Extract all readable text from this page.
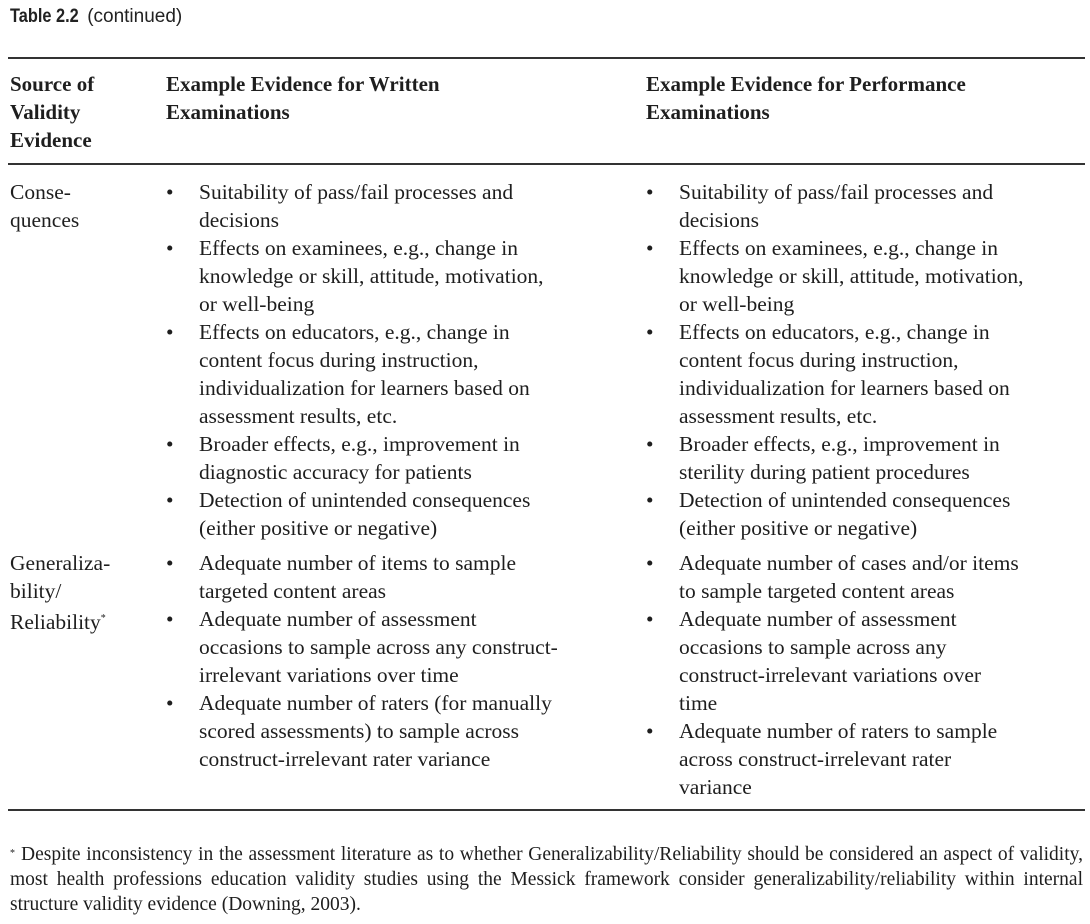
Table 2.2 (continued)
Source of
Validity
Evidence
Example Evidence for Written
Examinations
Example Evidence for Performance
Examinations
Conse-
quences
• Suitability of pass/fail processes and
decisions
• Effects on examinees, e.g., change in
knowledge or skill, attitude, motivation,
or well-being
• Effects on educators, e.g., change in
content focus during instruction,
individualization for learners based on
assessment results, etc.
• Broader effects, e.g., improvement in
diagnostic accuracy for patients
• Detection of unintended consequences
(either positive or negative)
• Suitability of pass/fail processes and
decisions
• Effects on examinees, e.g., change in
knowledge or skill, attitude, motivation,
or well-being
• Effects on educators, e.g., change in
content focus during instruction,
individualization for learners based on
assessment results, etc.
• Broader effects, e.g., improvement in
sterility during patient procedures
• Detection of unintended consequences
(either positive or negative)
Generaliza-
bility/
Reliability*
• Adequate number of items to sample
targeted content areas
• Adequate number of assessment
occasions to sample across any construct-
irrelevant variations over time
• Adequate number of raters (for manually
scored assessments) to sample across
construct-irrelevant rater variance
• Adequate number of cases and/or items
to sample targeted content areas
• Adequate number of assessment
occasions to sample across any
construct-irrelevant variations over
time
• Adequate number of raters to sample
across construct-irrelevant rater
variance
* Despite inconsistency in the assessment literature as to whether Generalizability/Reliability should be considered an aspect of validity, most health professions education validity studies using the Messick framework consider generalizability/reliability within internal structure validity evidence (Downing, 2003).
